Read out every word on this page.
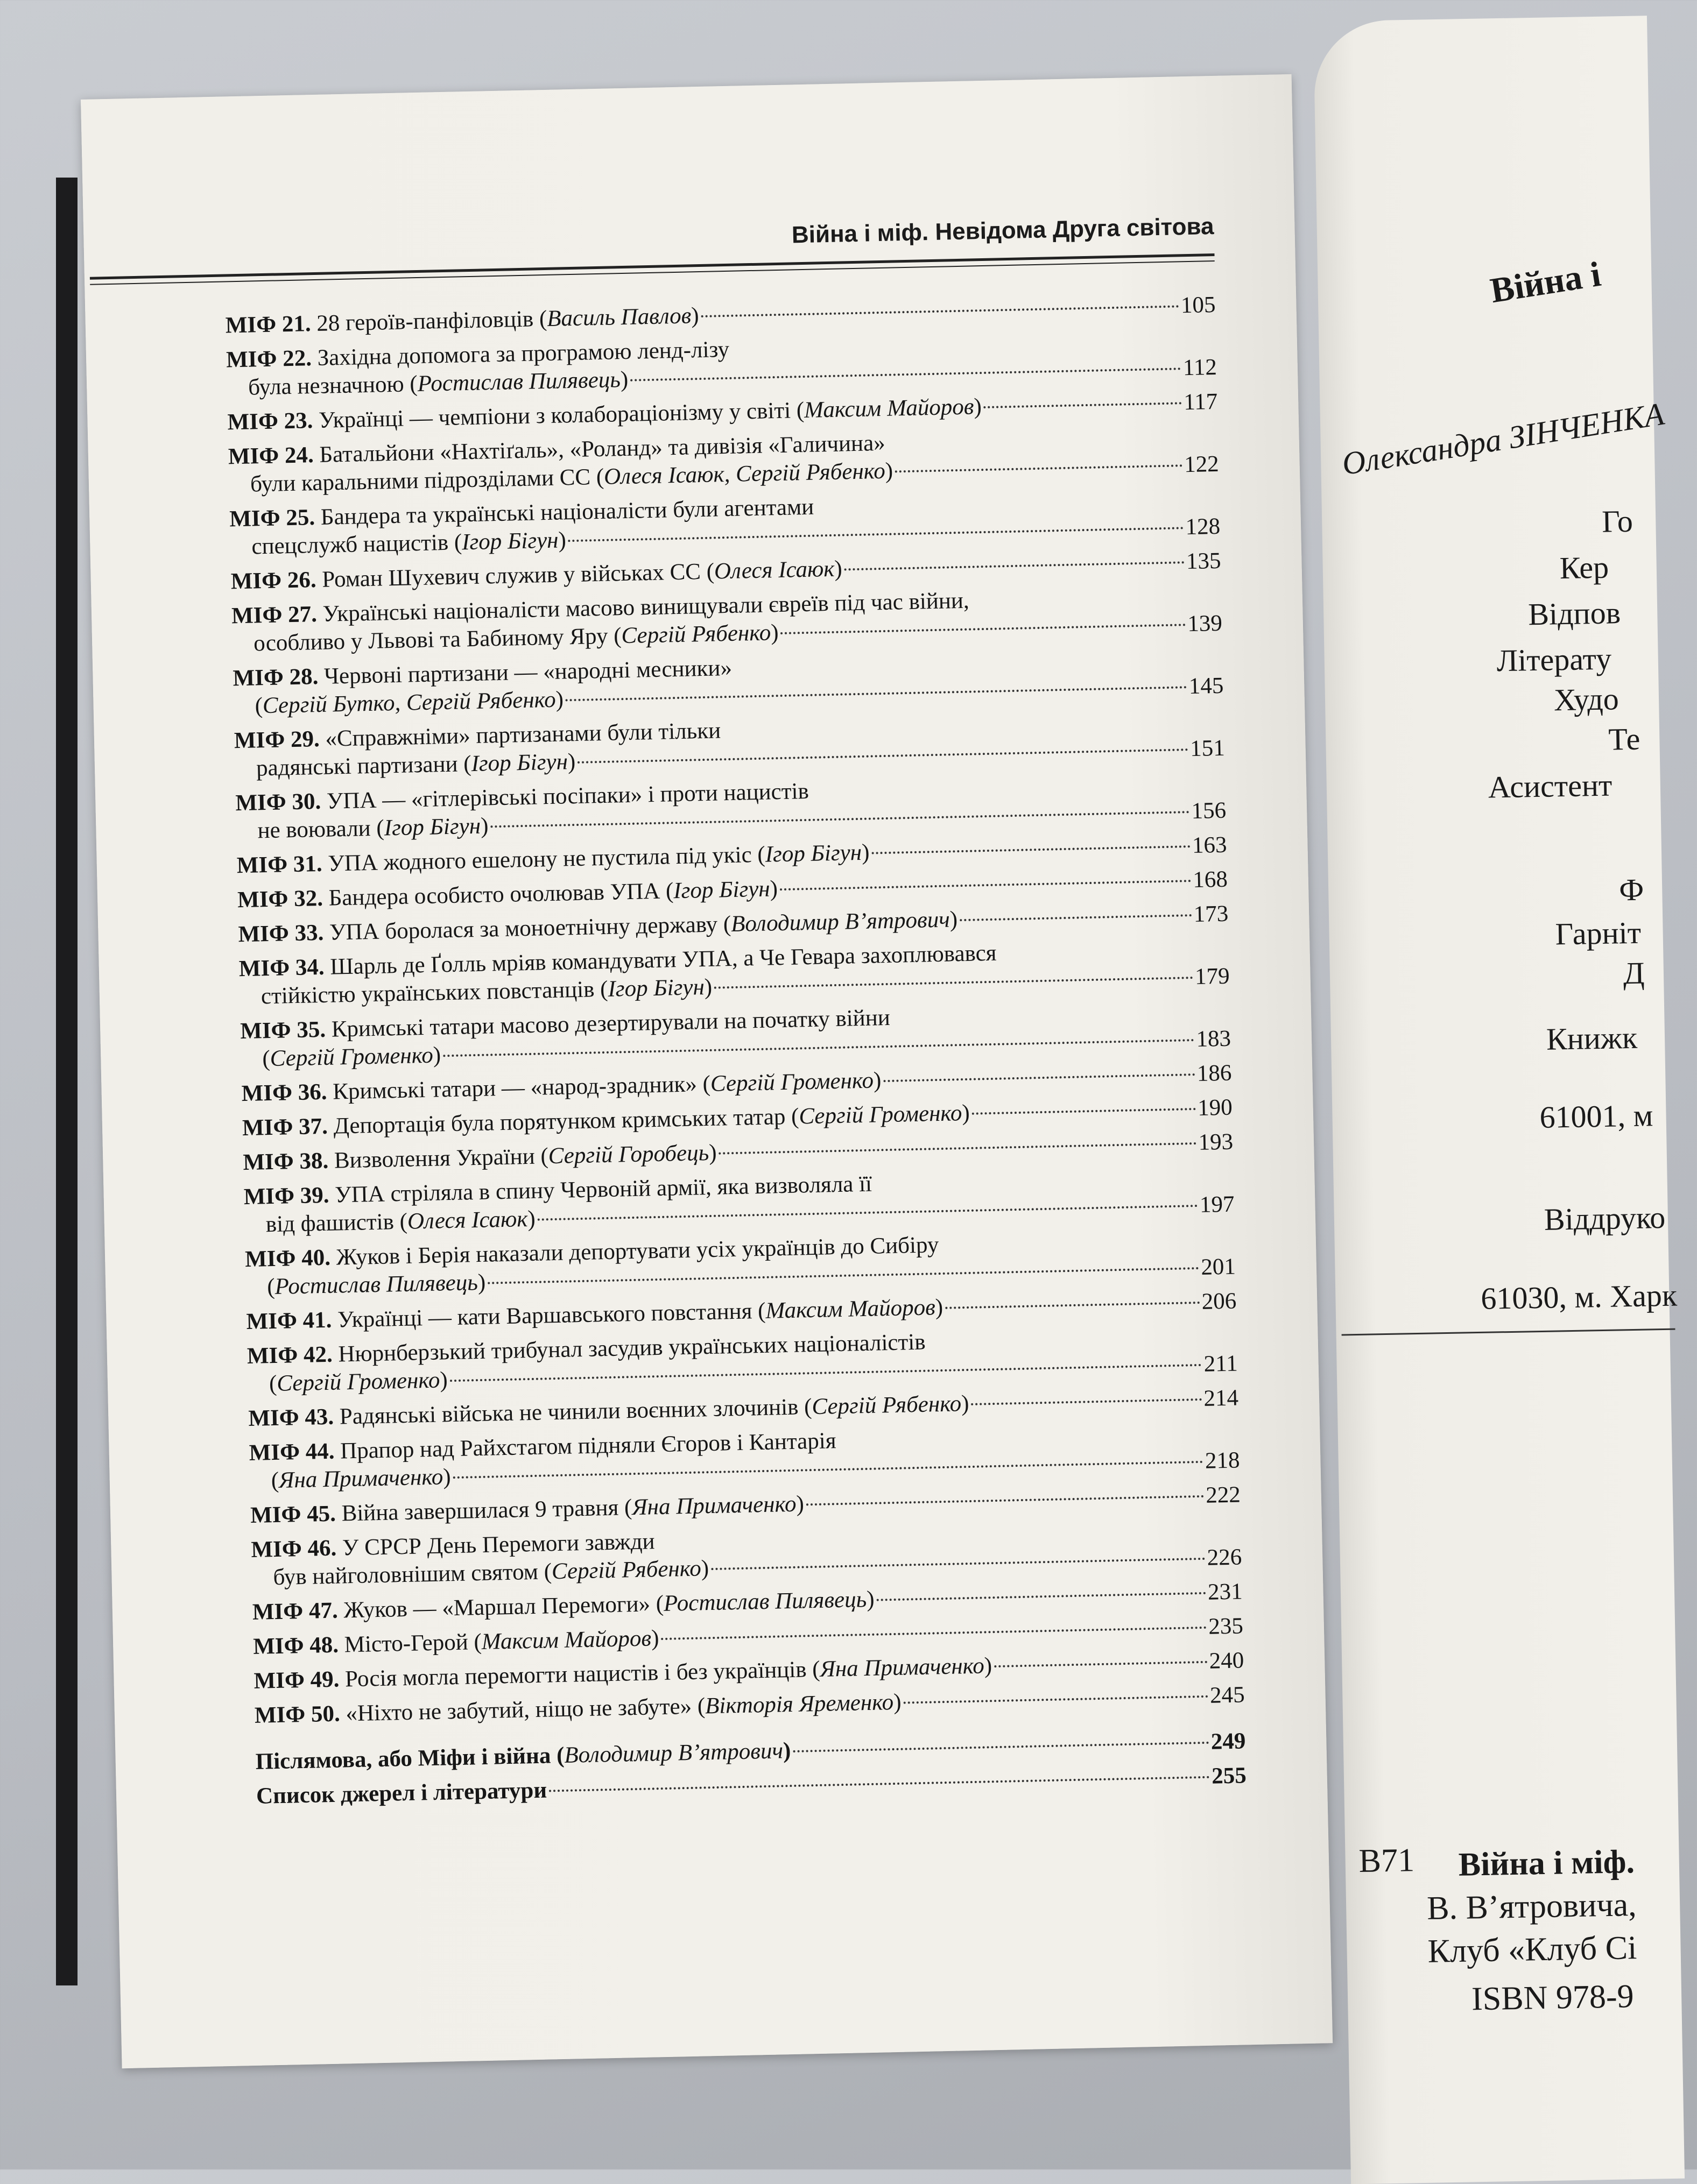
Війна і міф. Невідома Друга світова
МІФ 21.
28 героїв-панфіловців ( Василь Павлов )	105
МІФ 22.
Західна допомога за програмою ленд-лізу
була незначною ( Ростислав Пилявець )	112
МІФ 23.
Українці — чемпіони з колабораціонізму у світі ( Максим Майоров )	117
МІФ 24.
Батальйони «Нахтіґаль», «Роланд» та дивізія «Галичина»
були каральними підрозділами СС ( Олеся Ісаюк, Сергій Рябенко )	122
МІФ 25.
Бандера та українські націоналісти були агентами
спецслужб нацистів ( Ігор Бігун )
128
МІФ 26.
Роман Шухевич служив у військах СС ( Олеся Ісаюк )	135
МІФ 27.
Українські націоналісти масово винищували євреїв під час війни,
особливо у Львові та Бабиному Яру ( Сергій Рябенко )	139
МІФ 28.
Червоні партизани — «народні месники»
( Сергій Бутко, Сергій Рябенко )
145
МІФ 29.
«Справжніми» партизанами були тільки
радянські партизани ( Ігор Бігун )
151
МІФ 30.
УПА — «гітлерівські посіпаки» і проти нацистів
не воювали ( Ігор Бігун )
156
МІФ 31.
УПА жодного ешелону не пустила під укіс ( Ігор Бігун )	163
МІФ 32.
Бандера особисто очолював УПА ( Ігор Бігун )	168
МІФ 33.
УПА боролася за моноетнічну державу ( Володимир В’ятрович )	173
МІФ 34.
Шарль де Ґолль мріяв командувати УПА, а Че Гевара захоплювався
стійкістю українських повстанців ( Ігор Бігун )	179
МІФ 35.
Кримські татари масово дезертирували на початку війни
( Сергій Громенко )
183
МІФ 36.
Кримські татари — «народ-зрадник» ( Сергій Громенко )	186
МІФ 37.
Депортація була порятунком кримських татар ( Сергій Громенко )	190
МІФ 38.
Визволення України ( Сергій Горобець )	193
МІФ 39.
УПА стріляла в спину Червоній армії, яка визволяла її
від фашистів ( Олеся Ісаюк )
197
МІФ 40.
Жуков і Берія наказали депортувати усіх українців до Сибіру
( Ростислав Пилявець )
201
МІФ 41.
Українці — кати Варшавського повстання ( Максим Майоров )	206
МІФ 42.
Нюрнберзький трибунал засудив українських націоналістів
( Сергій Громенко )
211
МІФ 43.
Радянські війська не чинили воєнних злочинів ( Сергій Рябенко )	214
МІФ 44.
Прапор над Райхстагом підняли Єгоров і Кантарія
( Яна Примаченко )
218
МІФ 45.
Війна завершилася 9 травня ( Яна Примаченко )	222
МІФ 46.
У СРСР День Перемоги завжди
був найголовнішим святом ( Сергій Рябенко )	226
МІФ 47.
Жуков — «Маршал Перемоги» ( Ростислав Пилявець )	231
МІФ 48.
Місто-Герой ( Максим Майоров )	235
МІФ 49.
Росія могла перемогти нацистів і без українців ( Яна Примаченко )	240
МІФ 50.
«Ніхто не забутий, ніщо не забуте» ( Вікторія Яременко )	245
Післямова, або Міфи і війна ( Володимир В’ятрович )	249
Список джерел і літератури
255
Війна і
Олександра ЗІНЧЕНКА
Го
Кер
Відпов
Літерату
Худо
Те
Асистент
Ф
Гарніт
Д
Книжк
61001, м
Віддруко
61030, м. Харк
В71 Війна і міф.
В. В’ятровича,
Клуб «Клуб Сі
ISBN 978-9
